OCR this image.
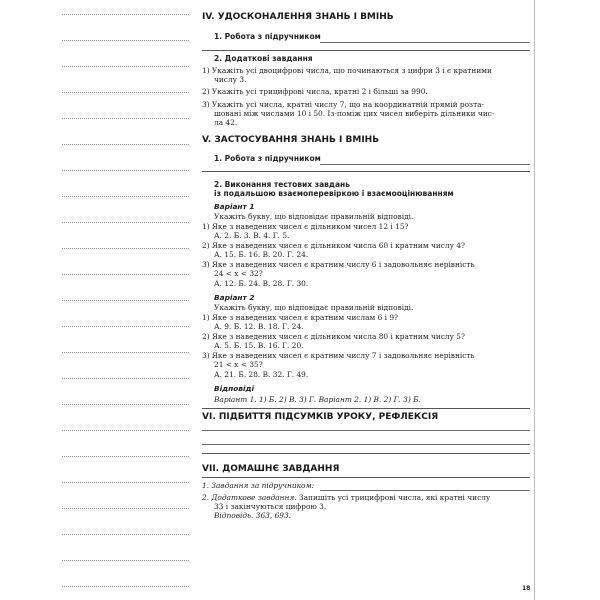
IV. УДОСКОНАЛЕННЯ ЗНАНЬ І ВМІНЬ
1. Робота з підручником
2. Додаткові завдання
1) Укажіть усі двоцифрові числа, що починаються з цифри 3 і є кратними
числу 3.
2) Укажіть усі трицифрові числа, кратні 2 і більші за 990.
3) Укажіть усі числа, кратні числу 7, що на координатній прямій розта-
шовані між числами 10 і 50. Із-поміж цих чисел виберіть дільники чис-
ла 42.
V. ЗАСТОСУВАННЯ ЗНАНЬ І ВМІНЬ
1. Робота з підручником
2. Виконання тестових завдань
із подальшою взаємоперевіркою і взаємооцінюванням
Варіант 1
Укажіть букву, що відповідає правильній відповіді.
1) Яке з наведених чисел є дільником чисел 12 і 15?
А. 2. Б. 3. В. 4. Г. 5.
2) Яке з наведених чисел є дільником числа 60 і кратним числу 4?
А. 15. Б. 16. В. 20. Г. 24.
3) Яке з наведених чисел є кратним числу 6 і задовольняє нерівність
24 < x < 32?
А. 12. Б. 24. В. 28. Г. 30.
Варіант 2
Укажіть букву, що відповідає правильній відповіді.
1) Яке з наведених чисел є кратним числам 6 і 9?
А. 9. Б. 12. В. 18. Г. 24.
2) Яке з наведених чисел є дільником числа 80 і кратним числу 5?
А. 5. Б. 15. В. 16. Г. 20.
3) Яке з наведених чисел є кратним числу 7 і задовольняє нерівність
21 < x < 35?
А. 21. Б. 28. В. 32. Г. 49.
Відповіді
Варіант 1. 1) Б. 2) В. 3) Г. Варіант 2. 1) В. 2) Г. 3) Б.
VI. ПІДБИТТЯ ПІДСУМКІВ УРОКУ, РЕФЛЕКСІЯ
VII. ДОМАШНЄ ЗАВДАННЯ
1. Завдання за підручником:
2. Додаткове завдання. Запишіть усі трицифрові числа, які кратні числу
33 і закінчуються цифрою 3.
Відповідь. 363, 693.
18
